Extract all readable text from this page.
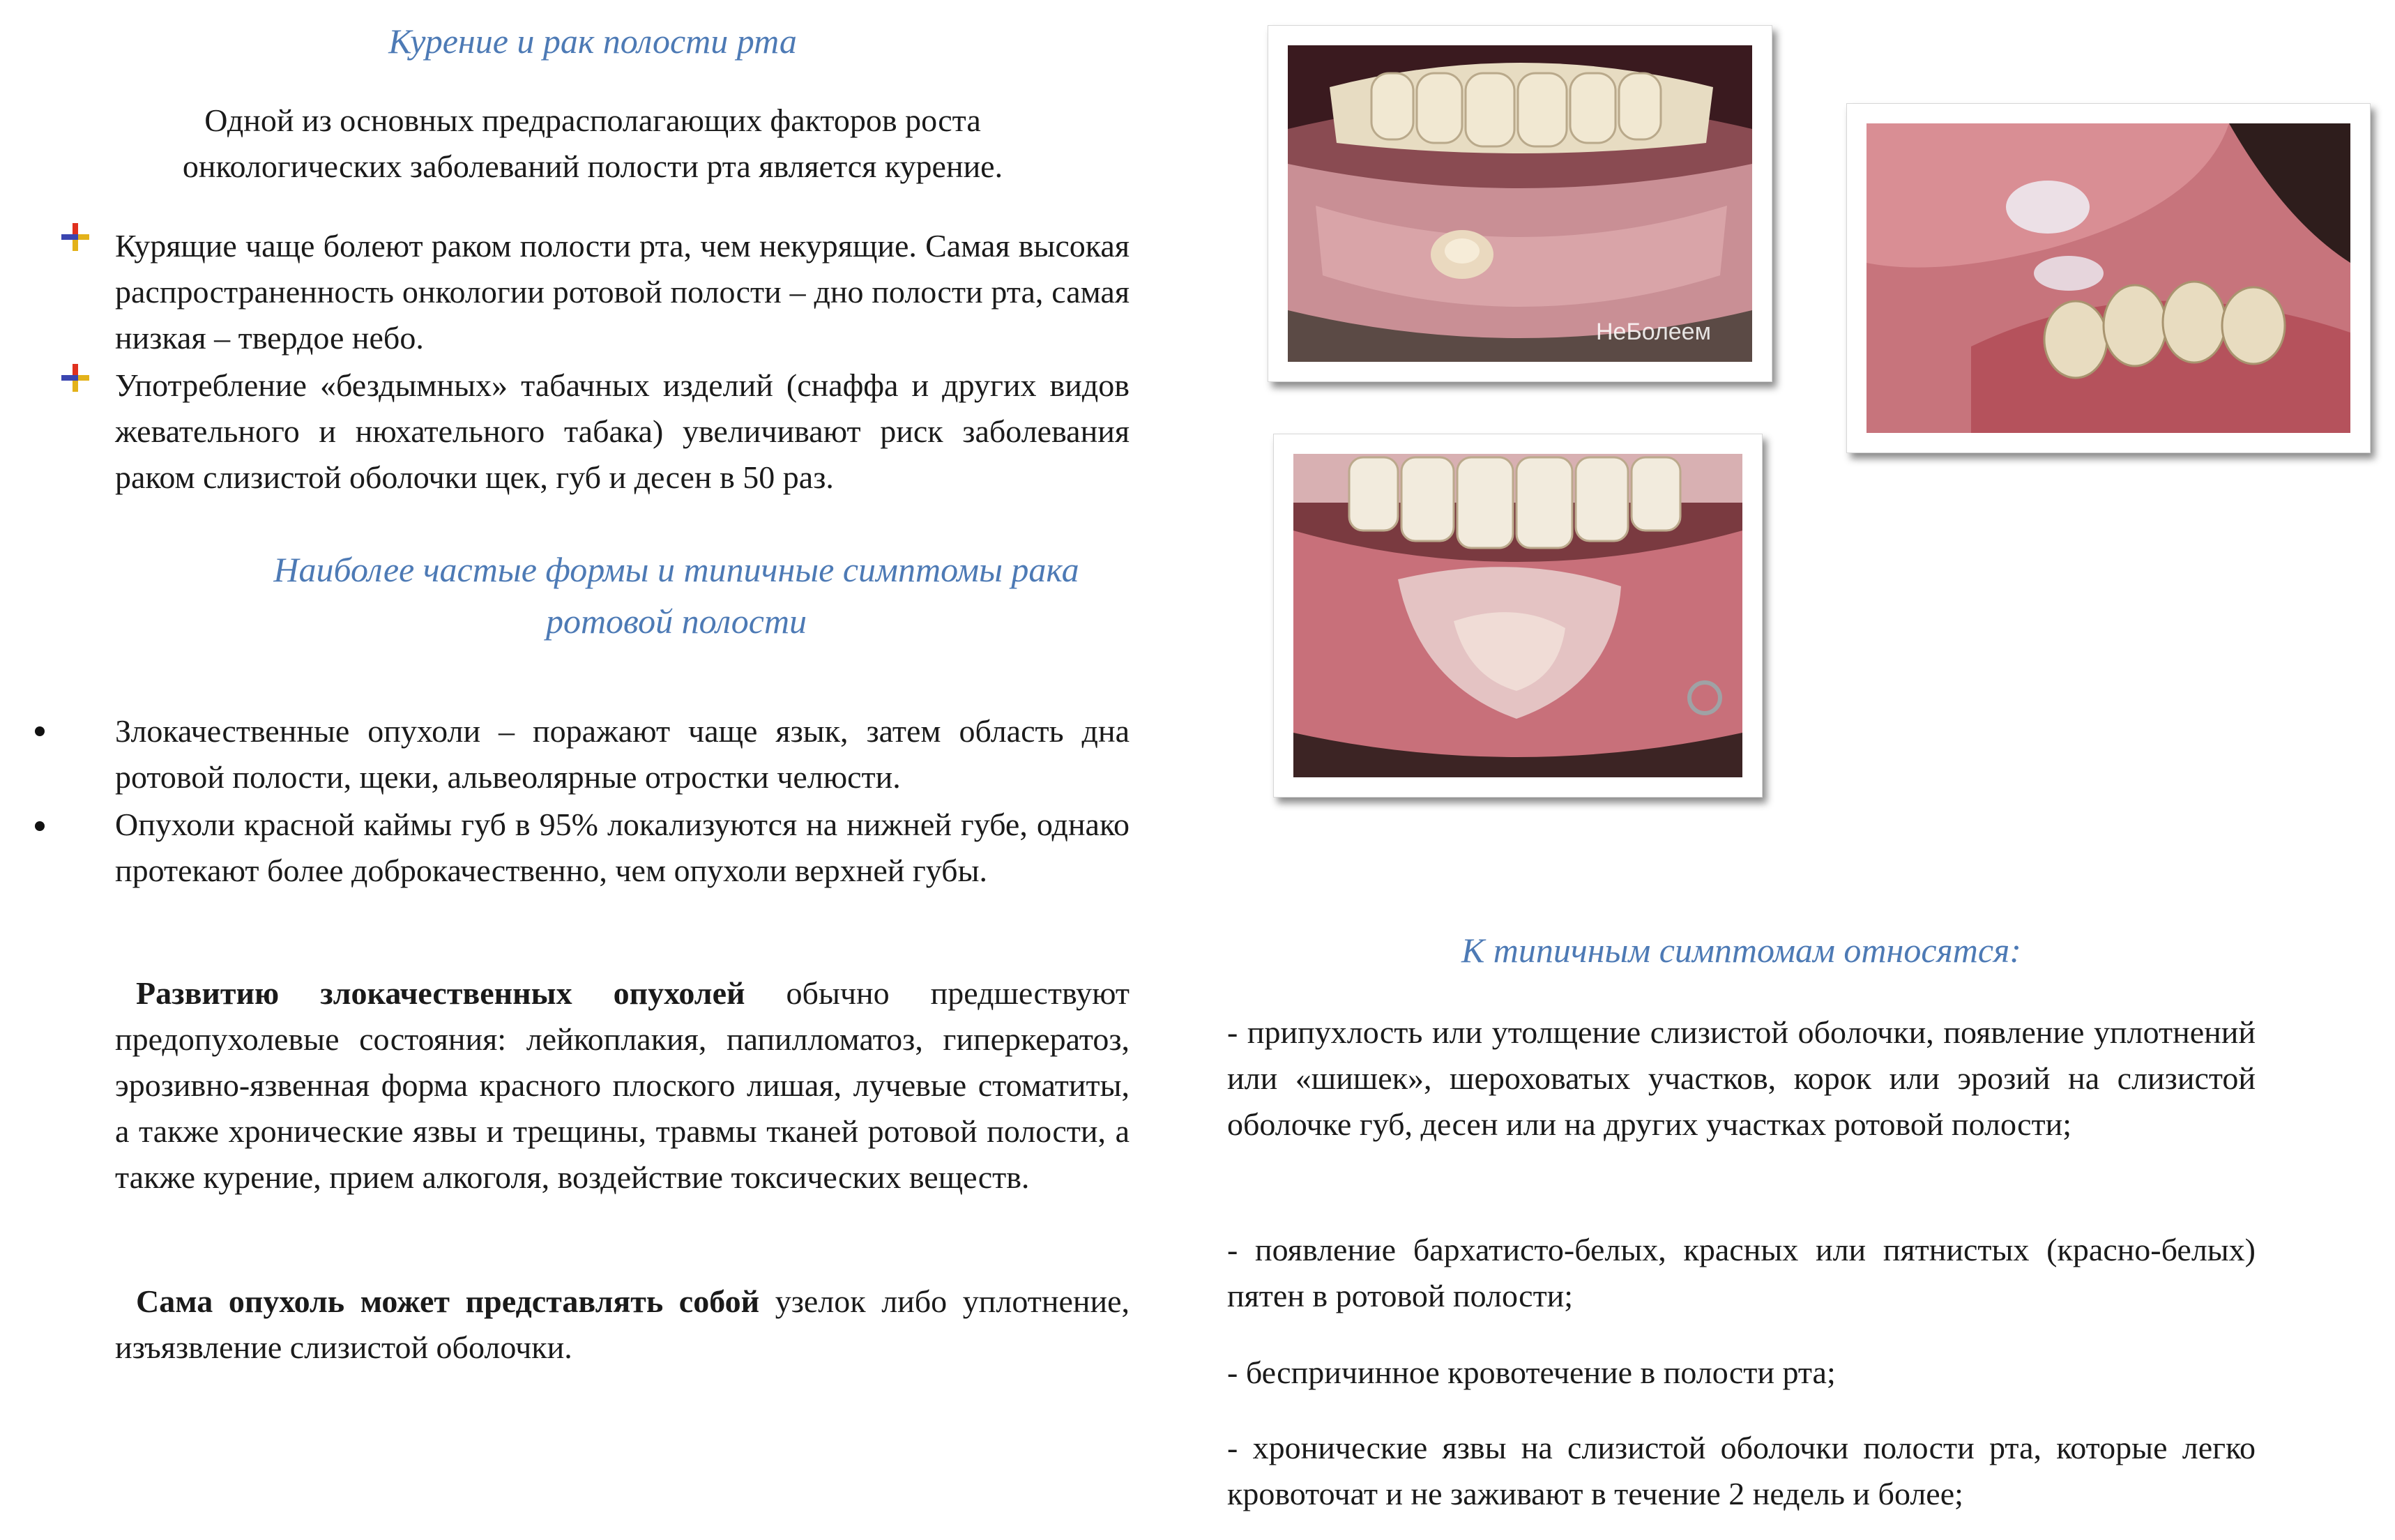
Курение и рак полости рта
Одной из основных предрасполагающих факторов роста онкологических заболеваний полости рта является курение.
Курящие чаще болеют раком полости рта, чем некурящие. Самая высокая распространенность онкологии ротовой полости – дно полости рта, самая низкая – твердое небо.
Употребление «бездымных» табачных изделий (снаффа и других видов жевательного и нюхательного табака) увеличивают риск заболевания раком слизистой оболочки щек, губ и десен в 50 раз.
Наиболее частые формы и типичные симптомы рака ротовой полости
Злокачественные опухоли – поражают чаще язык, затем область дна ротовой полости, щеки, альвеолярные отростки челюсти.
Опухоли красной каймы губ в 95% локализуются на нижней губе, однако протекают более доброкачественно, чем опухоли верхней губы.
Развитию злокачественных опухолей обычно предшествуют предопухолевые состояния: лейкоплакия, папилломатоз, гиперкератоз, эрозивно-язвенная форма красного плоского лишая, лучевые стоматиты, а также хронические язвы и трещины, травмы тканей ротовой полости, а также курение, прием алкоголя, воздействие токсических веществ.
Сама опухоль может представлять собой узелок либо уплотнение, изъязвление слизистой оболочки.
НеБолеем
К типичным симптомам относятся:
- припухлость или утолщение слизистой оболочки, появление уплотнений или «шишек», шероховатых участков, корок или эрозий на слизистой оболочке губ, десен или на других участках ротовой полости;
- появление бархатисто-белых, красных или пятнистых (красно-белых) пятен в ротовой полости;
- беспричинное кровотечение в полости рта;
- хронические язвы на слизистой оболочки полости рта, которые легко кровоточат и не заживают в течение 2 недель и более;
